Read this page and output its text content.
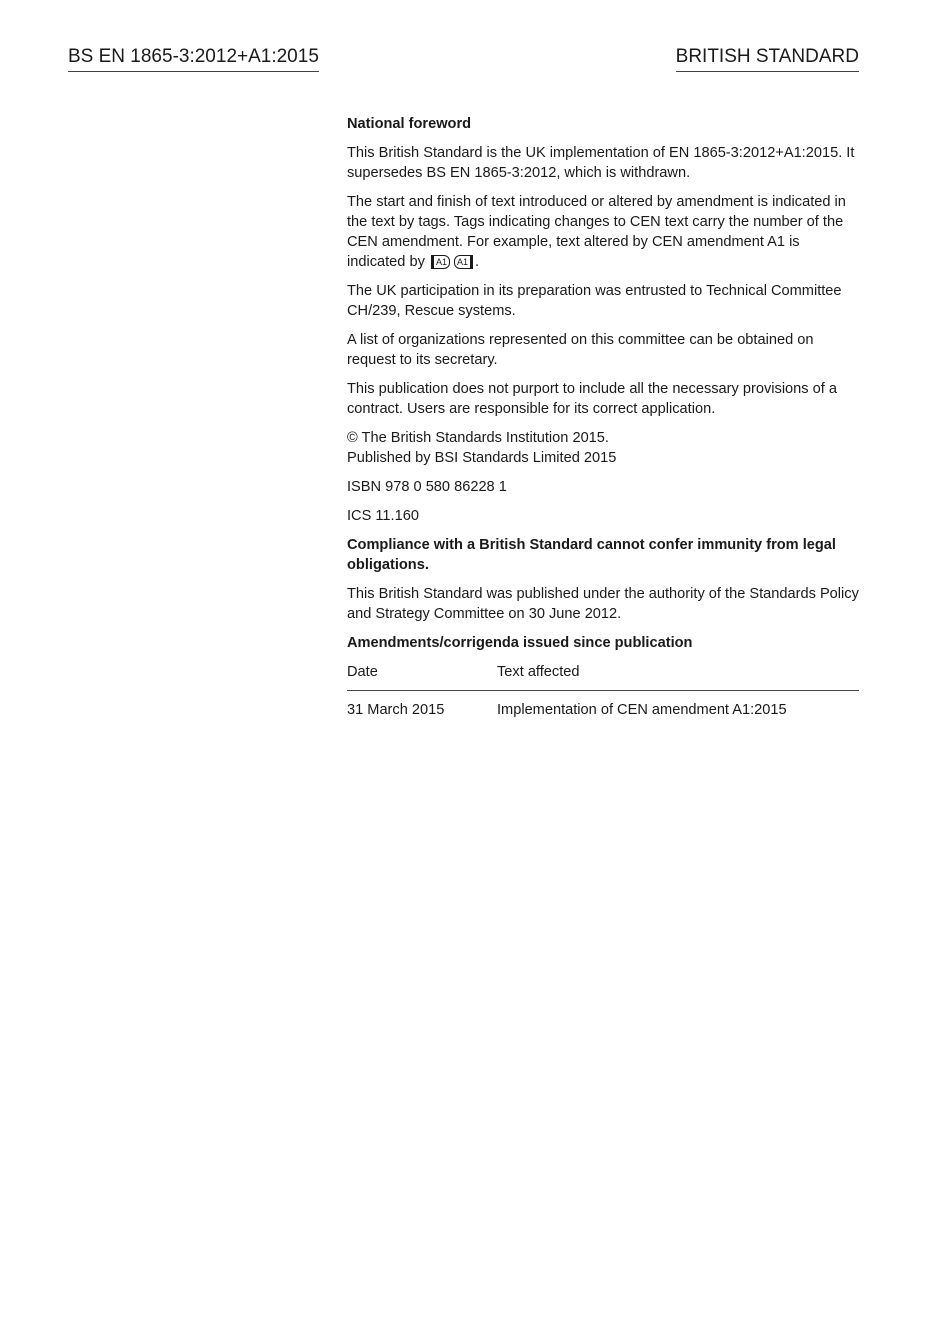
BS EN 1865-3:2012+A1:2015	BRITISH STANDARD

National foreword

This British Standard is the UK implementation of EN 1865-3:2012+A1:2015. It supersedes BS EN 1865-3:2012, which is withdrawn.

The start and finish of text introduced or altered by amendment is indicated in the text by tags. Tags indicating changes to CEN text carry the number of the CEN amendment. For example, text altered by CEN amendment A1 is indicated by A1 A1 .

The UK participation in its preparation was entrusted to Technical Committee CH/239, Rescue systems.

A list of organizations represented on this committee can be obtained on request to its secretary.

This publication does not purport to include all the necessary provisions of a contract. Users are responsible for its correct application.

© The British Standards Institution 2015.
Published by BSI Standards Limited 2015

ISBN 978 0 580 86228 1

ICS 11.160

Compliance with a British Standard cannot confer immunity from legal obligations.

This British Standard was published under the authority of the Standards Policy and Strategy Committee on 30 June 2012.

Amendments/corrigenda issued since publication

Date	Text affected
31 March 2015	Implementation of CEN amendment A1:2015
